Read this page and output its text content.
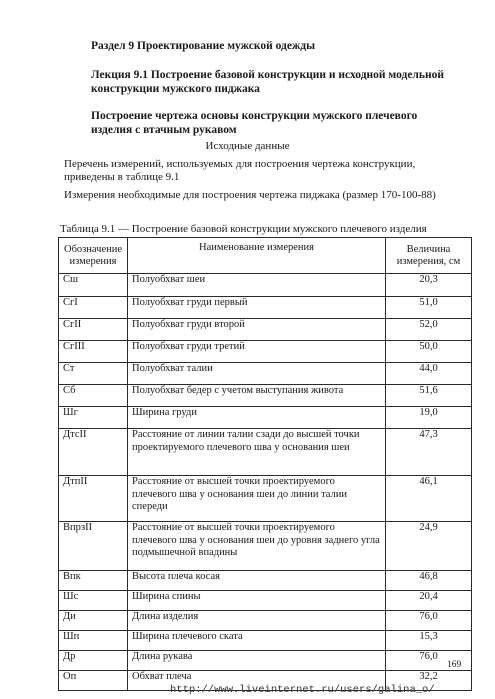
Раздел 9 Проектирование мужской одежды
Лекция 9.1 Построение базовой конструкции и исходной модельной конструкции мужского пиджака
Построение чертежа основы конструкции мужского плечевого изделия с втачным рукавом
Исходные данные
Перечень измерений, используемых для построения чертежа конструкции, приведены в таблице 9.1
Измерения необходимые для построения чертежа пиджака (размер 170-100-88)
Таблица 9.1 — Построение базовой конструкции мужского плечевого изделия
Обозначение измерения	Наименование измерения	Величина измерения, см
Сш	Полуобхват шеи	20,3
СгI	Полуобхват груди первый	51,0
СгII	Полуобхват груди второй	52,0
СгIII	Полуобхват груди третий	50,0
Ст	Полуобхват талии	44,0
Сб	Полуобхват бедер с учетом выступания живота	51,6
Шг	Ширина груди	19,0
ДтсII	Расстояние от линии талии сзади до высшей точки проектируемого плечевого шва у основания шеи	47,3
ДтпII	Расстояние от высшей точки проектируемого плечевого шва у основания шеи до линии талии спереди	46,1
ВпрзII	Расстояние от высшей точки проектируемого плечевого шва у основания шеи до уровня заднего угла подмышечной впадины	24,9
Впк	Высота плеча косая	46,8
Шс	Ширина спины	20,4
Ди	Длина изделия	76,0
Шп	Ширина плечевого ската	15,3
Др	Длина рукава	76,0
Оп	Обхват плеча	32,2
169
http://www.liveinternet.ru/users/galina_o/
